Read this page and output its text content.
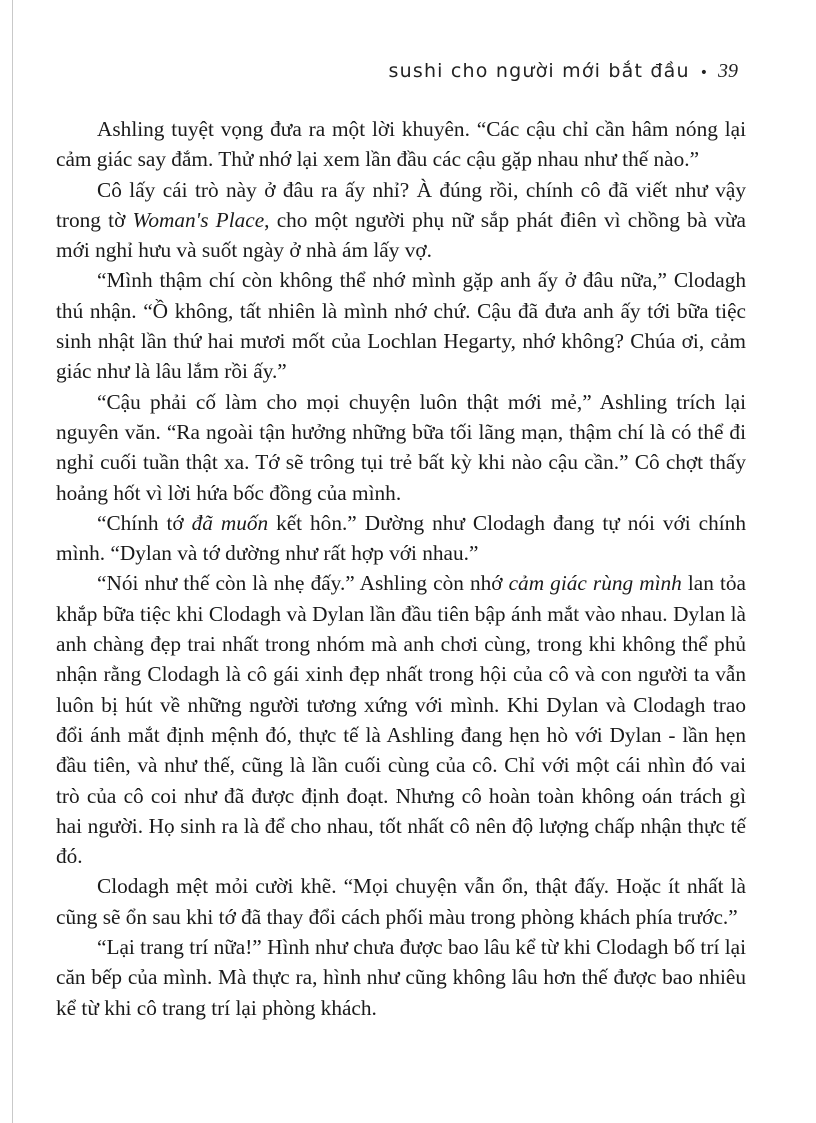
sushi cho người mới bắt đầu • 39

Ashling tuyệt vọng đưa ra một lời khuyên. “Các cậu chỉ cần hâm nóng lại cảm giác say đắm. Thử nhớ lại xem lần đầu các cậu gặp nhau như thế nào.”

Cô lấy cái trò này ở đâu ra ấy nhỉ? À đúng rồi, chính cô đã viết như vậy trong tờ Woman's Place, cho một người phụ nữ sắp phát điên vì chồng bà vừa mới nghỉ hưu và suốt ngày ở nhà ám lấy vợ.

“Mình thậm chí còn không thể nhớ mình gặp anh ấy ở đâu nữa,” Clodagh thú nhận. “Ồ không, tất nhiên là mình nhớ chứ. Cậu đã đưa anh ấy tới bữa tiệc sinh nhật lần thứ hai mươi mốt của Lochlan Hegarty, nhớ không? Chúa ơi, cảm giác như là lâu lắm rồi ấy.”

“Cậu phải cố làm cho mọi chuyện luôn thật mới mẻ,” Ashling trích lại nguyên văn. “Ra ngoài tận hưởng những bữa tối lãng mạn, thậm chí là có thể đi nghỉ cuối tuần thật xa. Tớ sẽ trông tụi trẻ bất kỳ khi nào cậu cần.” Cô chợt thấy hoảng hốt vì lời hứa bốc đồng của mình.

“Chính tớ đã muốn kết hôn.” Dường như Clodagh đang tự nói với chính mình. “Dylan và tớ dường như rất hợp với nhau.”

“Nói như thế còn là nhẹ đấy.” Ashling còn nhớ cảm giác rùng mình lan tỏa khắp bữa tiệc khi Clodagh và Dylan lần đầu tiên bập ánh mắt vào nhau. Dylan là anh chàng đẹp trai nhất trong nhóm mà anh chơi cùng, trong khi không thể phủ nhận rằng Clodagh là cô gái xinh đẹp nhất trong hội của cô và con người ta vẫn luôn bị hút về những người tương xứng với mình. Khi Dylan và Clodagh trao đổi ánh mắt định mệnh đó, thực tế là Ashling đang hẹn hò với Dylan - lần hẹn đầu tiên, và như thế, cũng là lần cuối cùng của cô. Chỉ với một cái nhìn đó vai trò của cô coi như đã được định đoạt. Nhưng cô hoàn toàn không oán trách gì hai người. Họ sinh ra là để cho nhau, tốt nhất cô nên độ lượng chấp nhận thực tế đó.

Clodagh mệt mỏi cười khẽ. “Mọi chuyện vẫn ổn, thật đấy. Hoặc ít nhất là cũng sẽ ổn sau khi tớ đã thay đổi cách phối màu trong phòng khách phía trước.”

“Lại trang trí nữa!” Hình như chưa được bao lâu kể từ khi Clodagh bố trí lại căn bếp của mình. Mà thực ra, hình như cũng không lâu hơn thế được bao nhiêu kể từ khi cô trang trí lại phòng khách.
